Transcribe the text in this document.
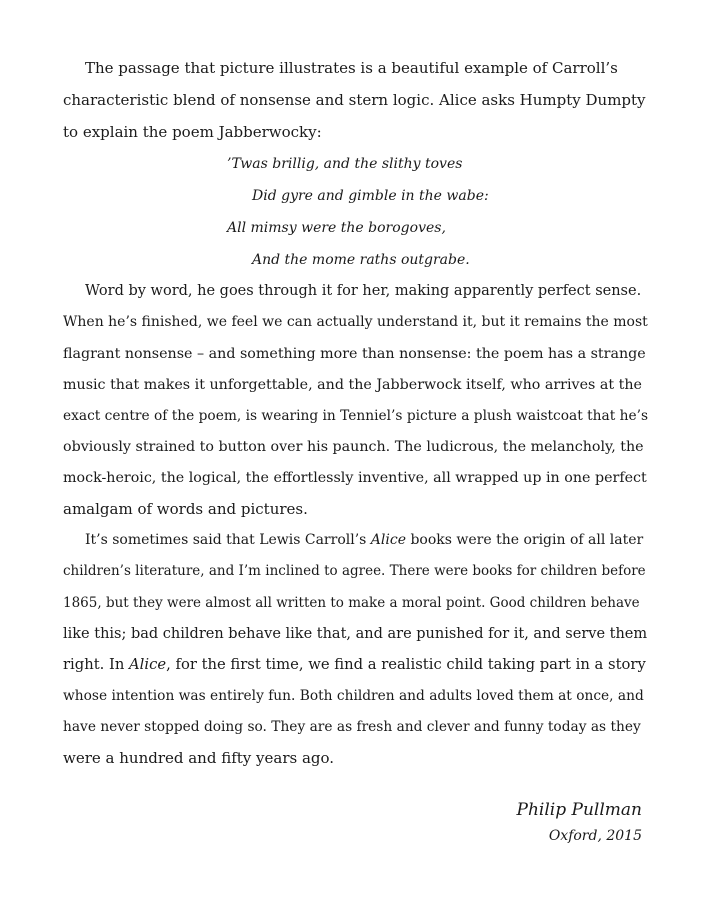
The passage that picture illustrates is a beautiful example of Carroll’s
characteristic blend of nonsense and stern logic. Alice asks Humpty Dumpty
to explain the poem Jabberwocky:
’Twas brillig, and the slithy toves
Did gyre and gimble in the wabe:
All mimsy were the borogoves,
And the mome raths outgrabe.
Word by word, he goes through it for her, making apparently perfect sense.
When he’s finished, we feel we can actually understand it, but it remains the most
flagrant nonsense – and something more than nonsense: the poem has a strange
music that makes it unforgettable, and the Jabberwock itself, who arrives at the
exact centre of the poem, is wearing in Tenniel’s picture a plush waistcoat that he’s
obviously strained to button over his paunch. The ludicrous, the melancholy, the
mock-heroic, the logical, the effortlessly inventive, all wrapped up in one perfect
amalgam of words and pictures.
It’s sometimes said that Lewis Carroll’s Alice books were the origin of all later
children’s literature, and I’m inclined to agree. There were books for children before
1865, but they were almost all written to make a moral point. Good children behave
like this; bad children behave like that, and are punished for it, and serve them
right. In Alice, for the first time, we find a realistic child taking part in a story
whose intention was entirely fun. Both children and adults loved them at once, and
have never stopped doing so. They are as fresh and clever and funny today as they
were a hundred and fifty years ago.
Philip Pullman
Oxford, 2015
